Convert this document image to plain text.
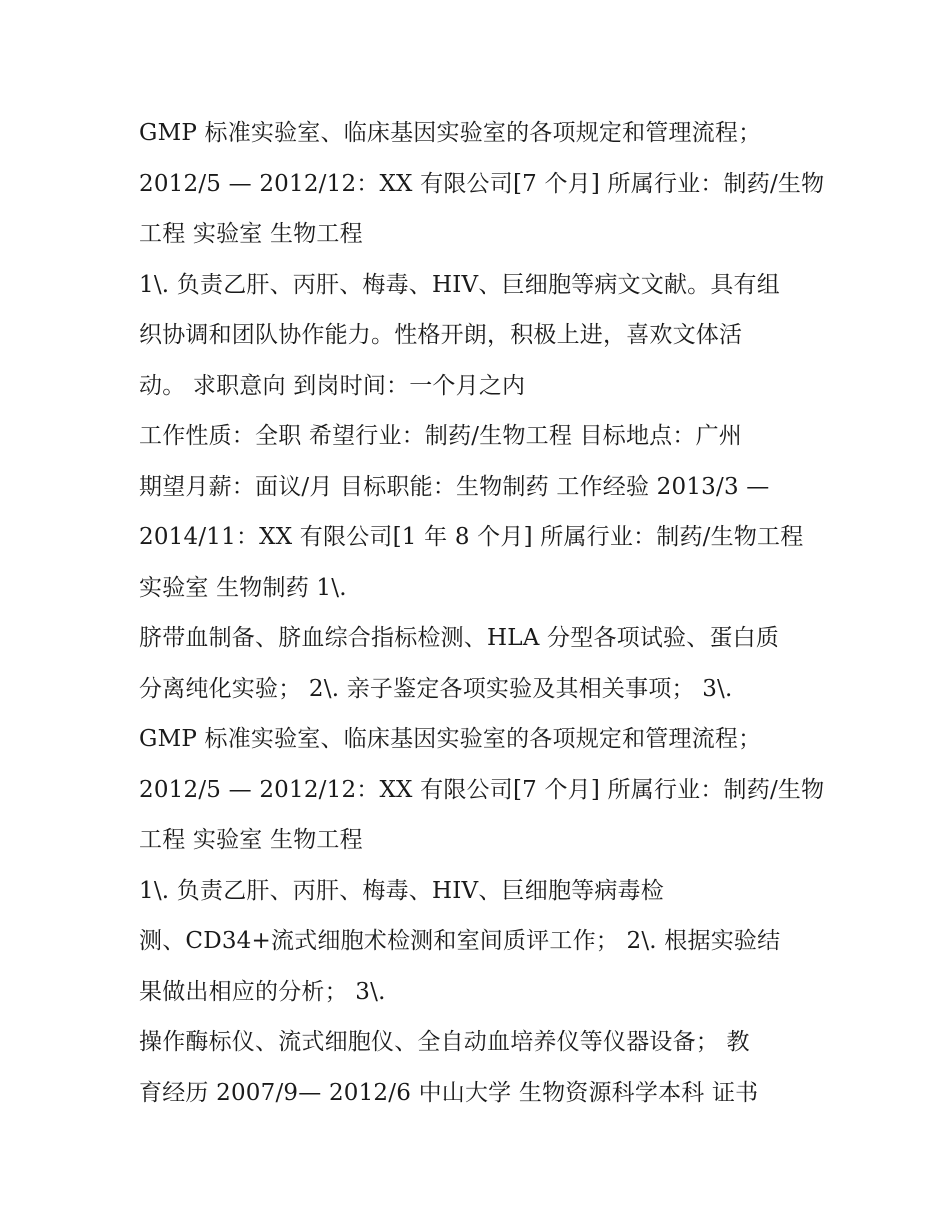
GMP 标准实验室、临床基因实验室的各项规定和管理流程；
2012/5 — 2012/12：XX 有限公司[7 个月] 所属行业：制药/生物
工程 实验室 生物工程
1\. 负责乙肝、丙肝、梅毒、HIV、巨细胞等病文文献。具有组
织协调和团队协作能力。性格开朗，积极上进，喜欢文体活
动。 求职意向 到岗时间：一个月之内
工作性质：全职 希望行业：制药/生物工程 目标地点：广州
期望月薪：面议/月 目标职能：生物制药 工作经验 2013/3 —
2014/11：XX 有限公司[1 年 8 个月] 所属行业：制药/生物工程
实验室 生物制药 1\.
脐带血制备、脐血综合指标检测、HLA 分型各项试验、蛋白质
分离纯化实验； 2\. 亲子鉴定各项实验及其相关事项； 3\.
GMP 标准实验室、临床基因实验室的各项规定和管理流程；
2012/5 — 2012/12：XX 有限公司[7 个月] 所属行业：制药/生物
工程 实验室 生物工程
1\. 负责乙肝、丙肝、梅毒、HIV、巨细胞等病毒检
测、CD34+流式细胞术检测和室间质评工作； 2\. 根据实验结
果做出相应的分析； 3\.
操作酶标仪、流式细胞仪、全自动血培养仪等仪器设备； 教
育经历 2007/9— 2012/6 中山大学 生物资源科学本科 证书
